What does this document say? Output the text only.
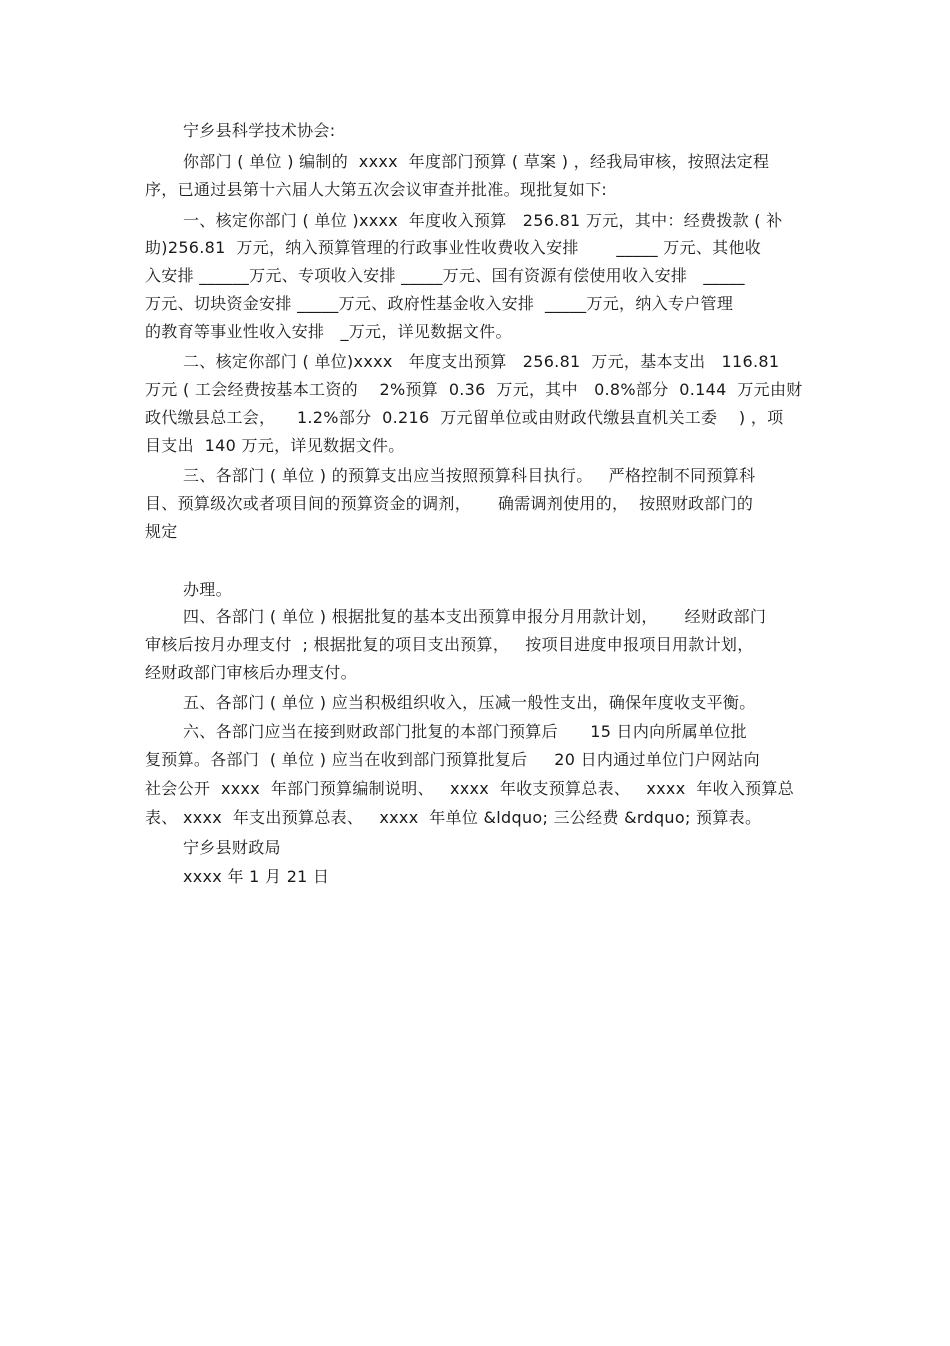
宁乡县科学技术协会:
你部门 ( 单位 ) 编制的  xxxx  年度部门预算 ( 草案 ) ，经我局审核，按照法定程
序，已通过县第十六届人大第五次会议审查并批准。现批复如下:
一、核定你部门 ( 单位 )xxxx  年度收入预算   256.81 万元，其中：经费拨款 ( 补
助)256.81  万元，纳入预算管理的行政事业性收费收入安排       _____ 万元、其他收
入安排 ______万元、专项收入安排 _____万元、国有资源有偿使用收入安排   _____
万元、切块资金安排 _____万元、政府性基金收入安排  _____万元，纳入专户管理
的教育等事业性收入安排   _万元，详见数据文件。
二、核定你部门 ( 单位)xxxx   年度支出预算   256.81  万元，基本支出   116.81
万元 ( 工会经费按基本工资的    2%预算  0.36  万元，其中   0.8%部分  0.144  万元由财
政代缴县总工会，    1.2%部分  0.216  万元留单位或由财政代缴县直机关工委    ) ，项
目支出  140 万元，详见数据文件。
三、各部门 ( 单位 ) 的预算支出应当按照预算科目执行。   严格控制不同预算科
目、预算级次或者项目间的预算资金的调剂，     确需调剂使用的，  按照财政部门的
规定
办理。
四、各部门 ( 单位 ) 根据批复的基本支出预算申报分月用款计划，     经财政部门
审核后按月办理支付  ; 根据批复的项目支出预算，   按项目进度申报项目用款计划，
经财政部门审核后办理支付。
五、各部门 ( 单位 ) 应当积极组织收入，压减一般性支出，确保年度收支平衡。
六、各部门应当在接到财政部门批复的本部门预算后      15 日内向所属单位批
复预算。各部门  ( 单位 ) 应当在收到部门预算批复后     20 日内通过单位门户网站向
社会公开  xxxx  年部门预算编制说明、   xxxx  年收支预算总表、   xxxx  年收入预算总
表、 xxxx  年支出预算总表、   xxxx  年单位 &ldquo; 三公经费 &rdquo; 预算表。
宁乡县财政局
xxxx 年 1 月 21 日
